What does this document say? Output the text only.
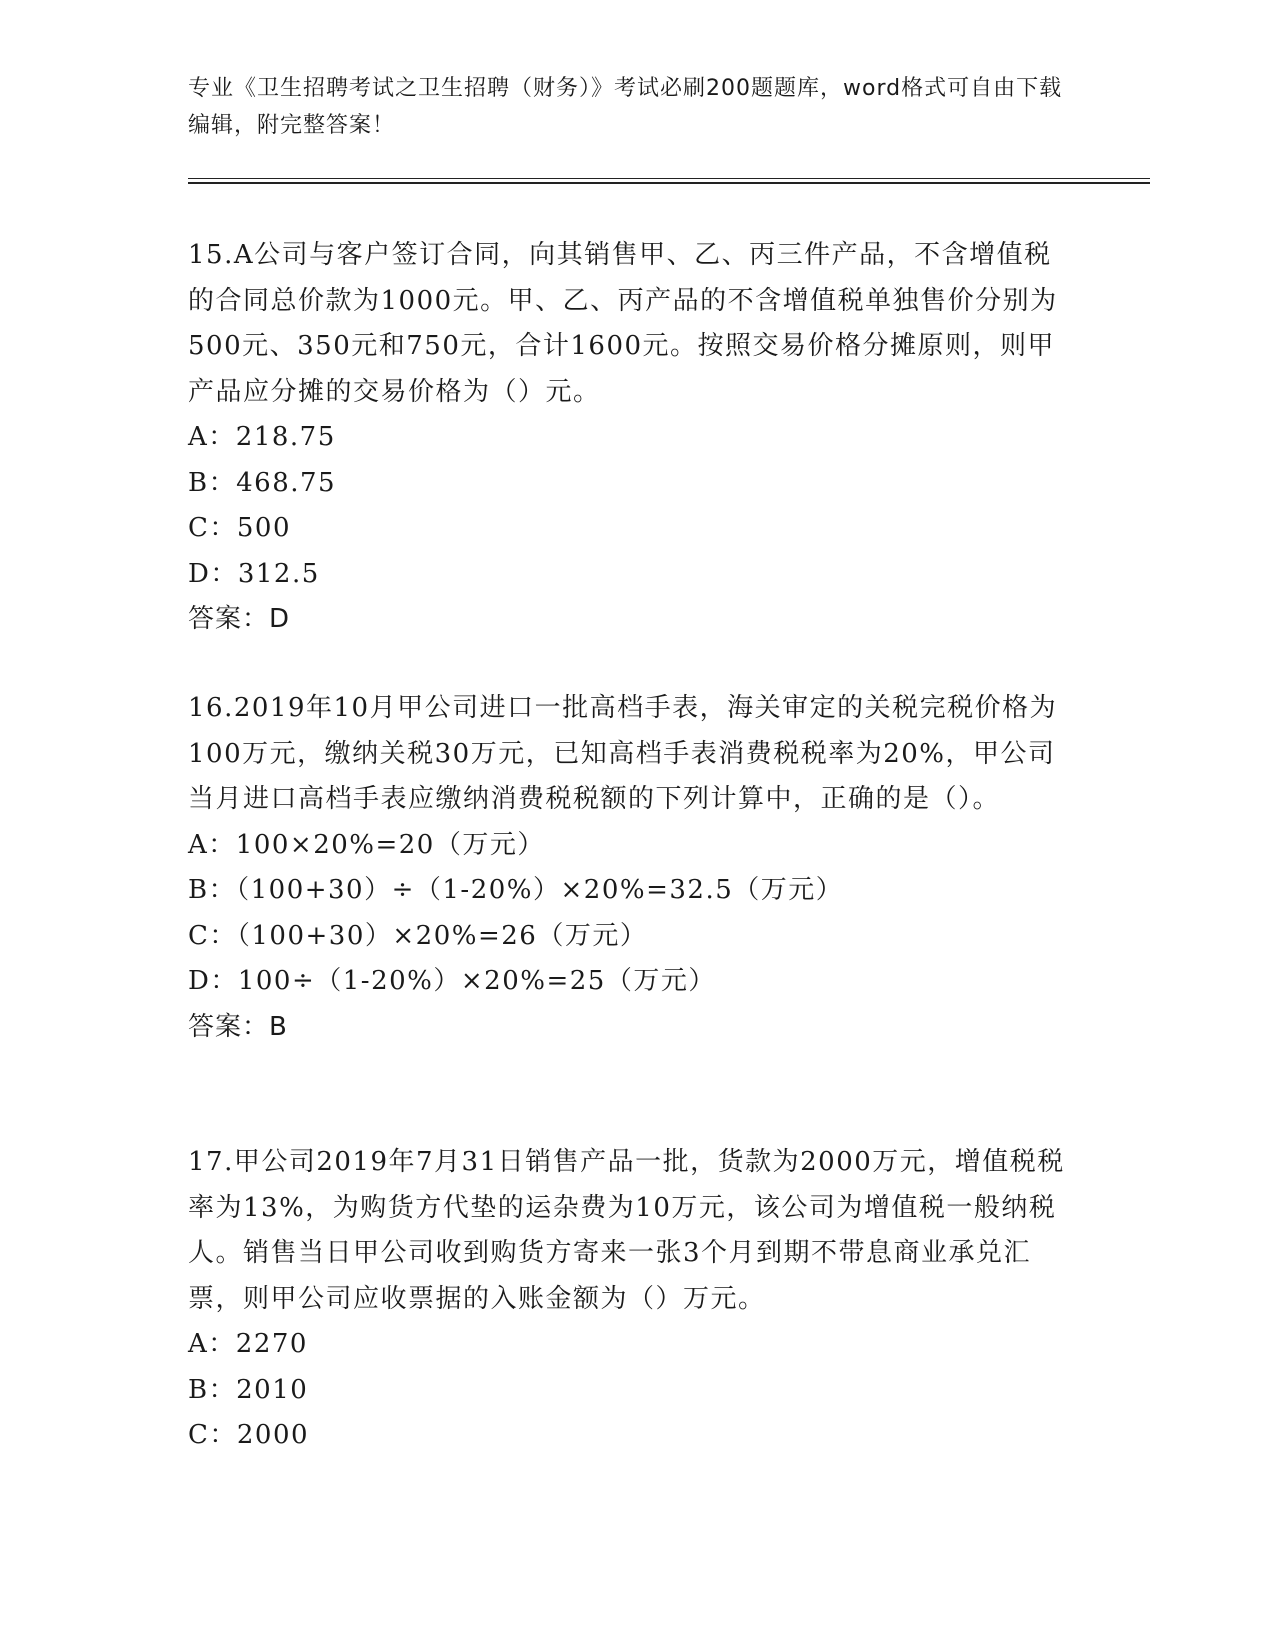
专业《卫生招聘考试之卫生招聘（财务）》考试必刷200题题库，word格式可自由下载编辑，附完整答案！

15.A公司与客户签订合同，向其销售甲、乙、丙三件产品，不含增值税的合同总价款为1000元。甲、乙、丙产品的不含增值税单独售价分别为500元、350元和750元，合计1600元。按照交易价格分摊原则，则甲产品应分摊的交易价格为（）元。

A：218.75

B：468.75

C：500

D：312.5

答案：D

16.2019年10月甲公司进口一批高档手表，海关审定的关税完税价格为100万元，缴纳关税30万元，已知高档手表消费税税率为20%，甲公司当月进口高档手表应缴纳消费税税额的下列计算中，正确的是（）。

A：100×20%=20（万元）

B：（100+30）÷（1-20%）×20%=32.5（万元）

C：（100+30）×20%=26（万元）

D：100÷（1-20%）×20%=25（万元）

答案：B

17.甲公司2019年7月31日销售产品一批，货款为2000万元，增值税税率为13%，为购货方代垫的运杂费为10万元，该公司为增值税一般纳税人。销售当日甲公司收到购货方寄来一张3个月到期不带息商业承兑汇票，则甲公司应收票据的入账金额为（）万元。

A：2270

B：2010

C：2000
